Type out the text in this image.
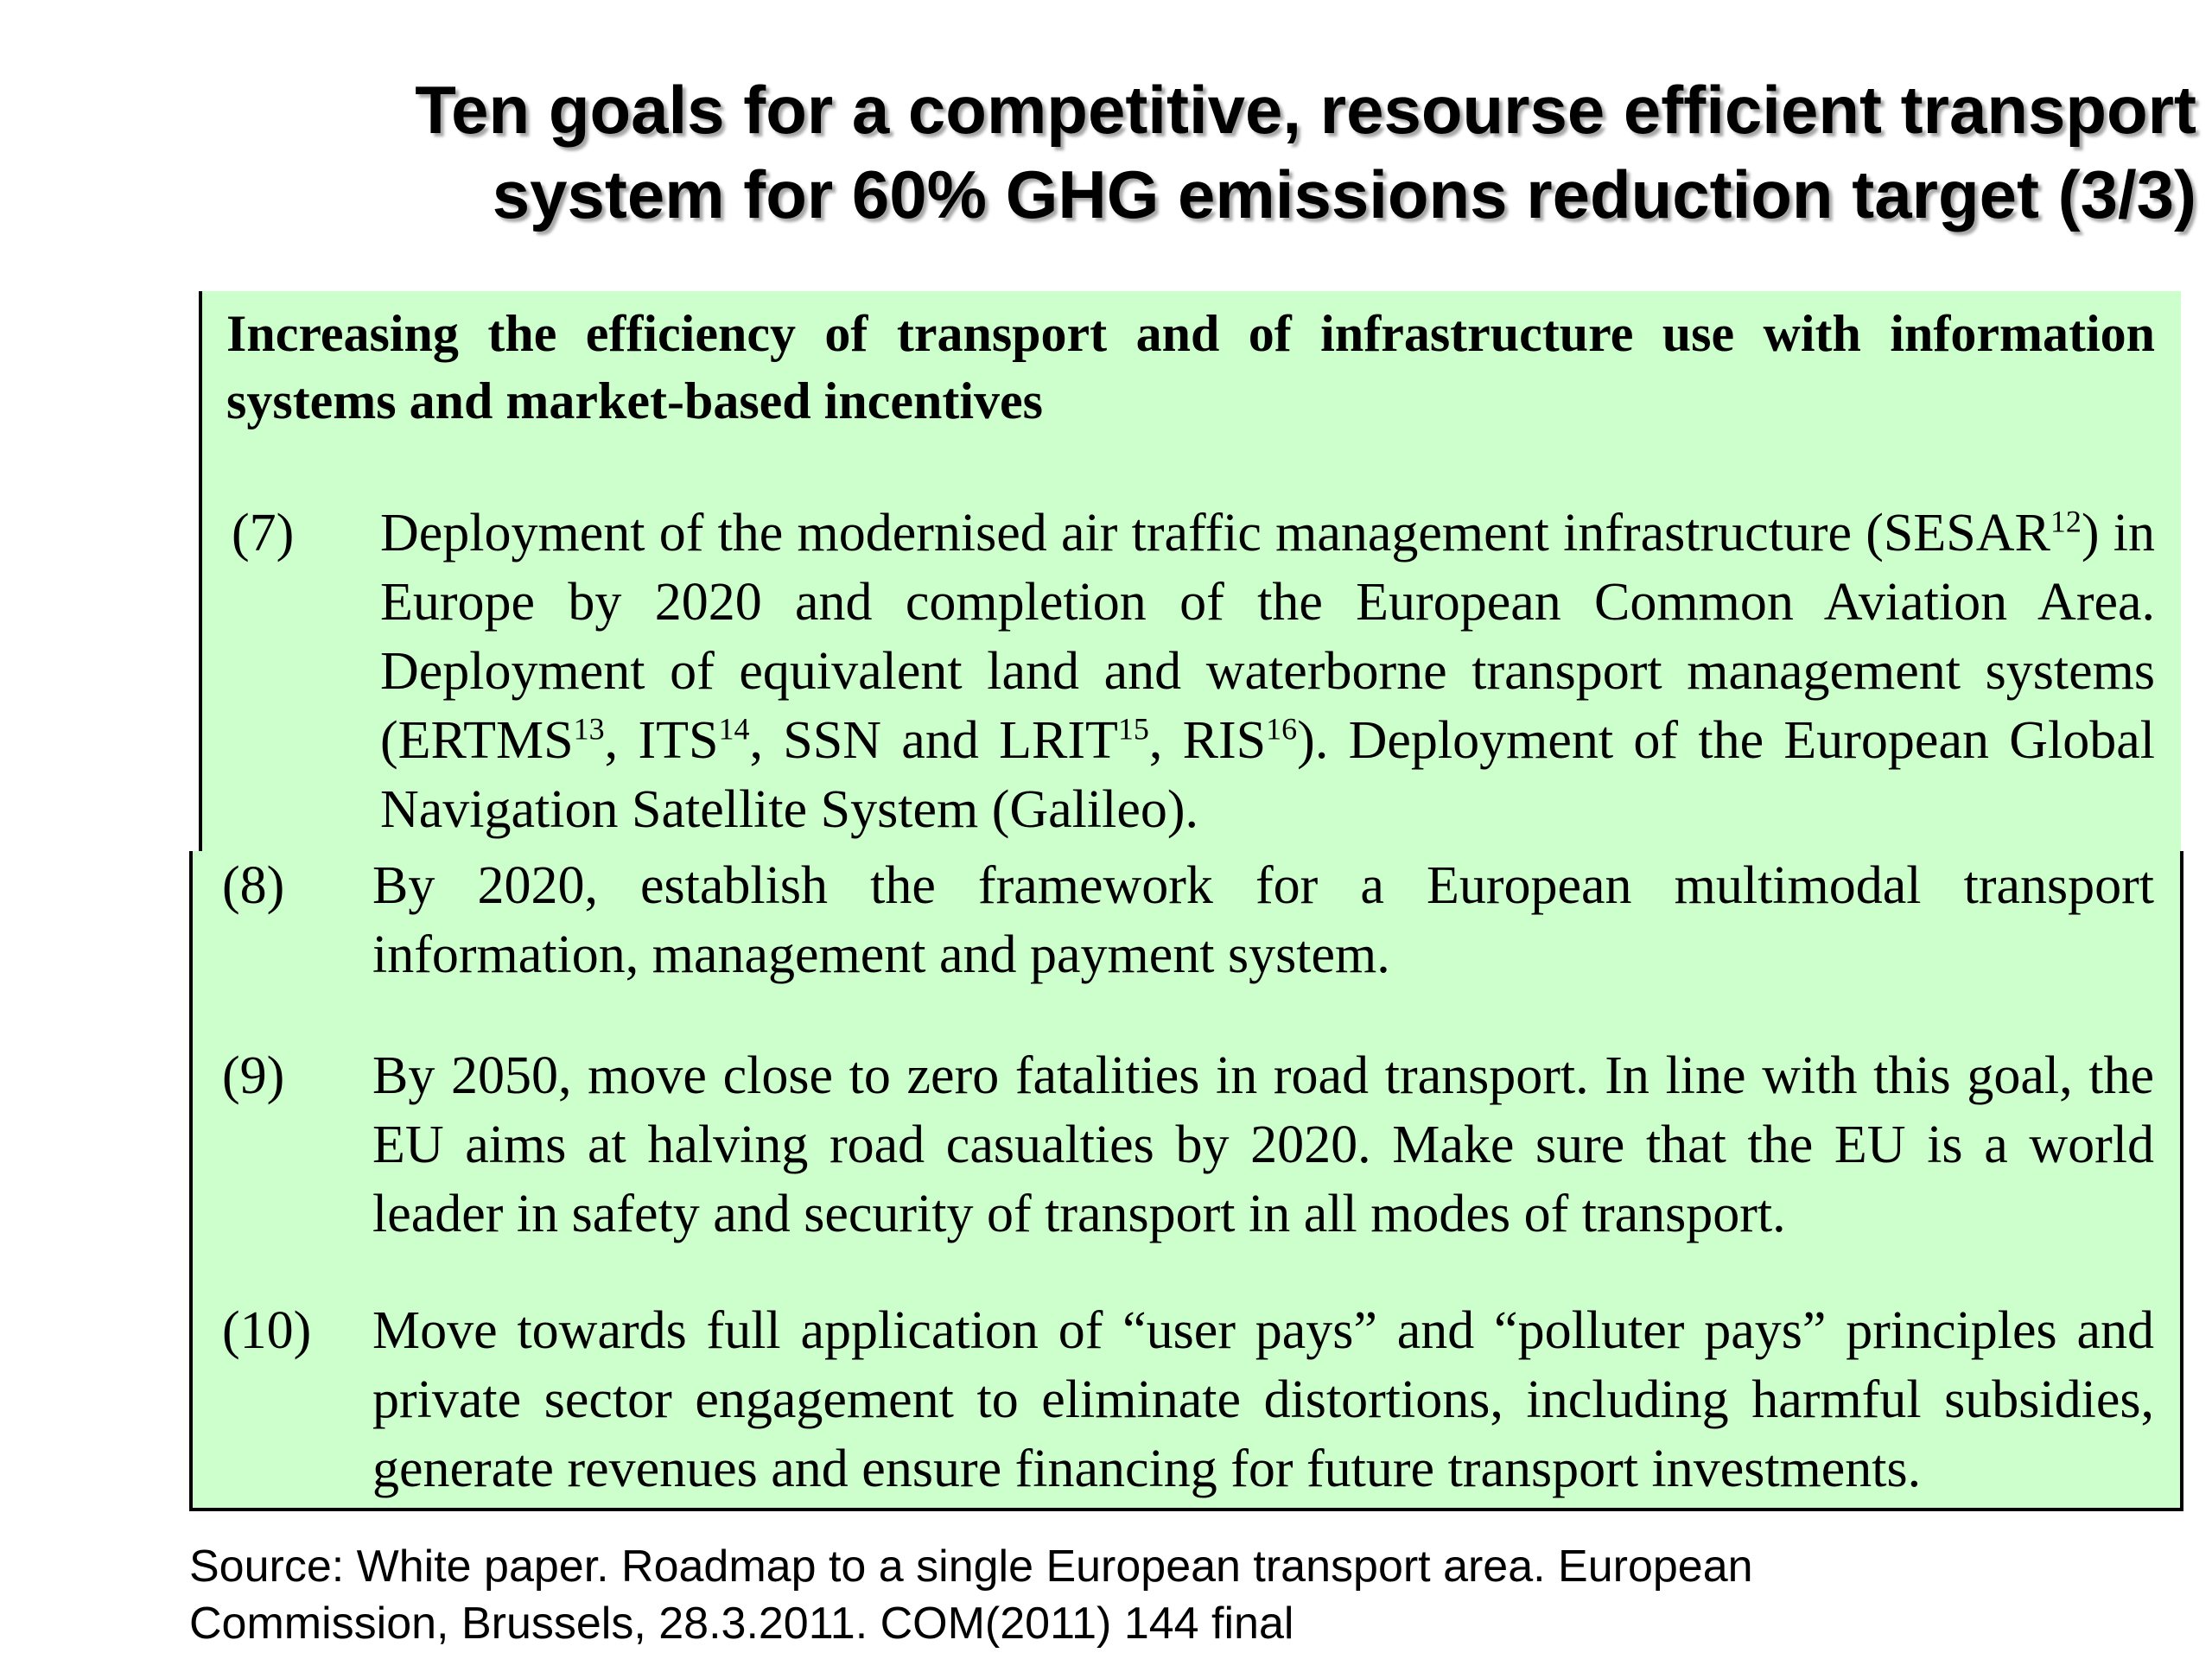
Ten goals for a competitive, resourse efficient transport
system for 60% GHG emissions reduction target (3/3)
Increasing the efficiency of transport and of infrastructure use with information systems and market-based incentives
(7) Deployment of the modernised air traffic management infrastructure (SESAR$^{12}$) in Europe by 2020 and completion of the European Common Aviation Area. Deployment of equivalent land and waterborne transport management systems (ERTMS$^{13}$, ITS$^{14}$, SSN and LRIT$^{15}$, RIS$^{16}$). Deployment of the European Global Navigation Satellite System (Galileo).
(8) By 2020, establish the framework for a European multimodal transport information, management and payment system.
(9) By 2050, move close to zero fatalities in road transport. In line with this goal, the EU aims at halving road casualties by 2020. Make sure that the EU is a world leader in safety and security of transport in all modes of transport.
(10) Move towards full application of “user pays” and “polluter pays” principles and private sector engagement to eliminate distortions, including harmful subsidies, generate revenues and ensure financing for future transport investments.
Source: White paper. Roadmap to a single European transport area. European
Commission, Brussels, 28.3.2011. COM(2011) 144 final
